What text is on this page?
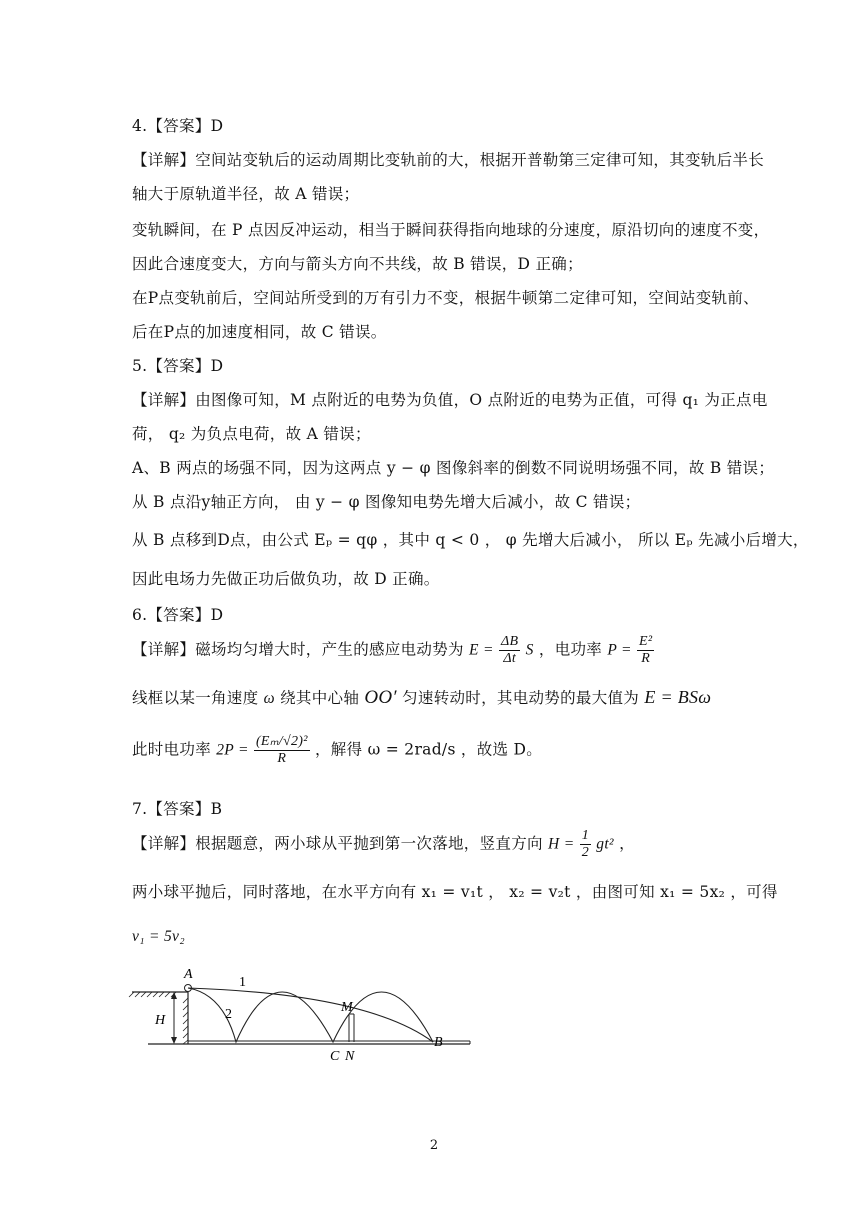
4.【答案】D
【详解】空间站变轨后的运动周期比变轨前的大，根据开普勒第三定律可知，其变轨后半长
轴大于原轨道半径，故 A 错误；
变轨瞬间，在 P 点因反冲运动，相当于瞬间获得指向地球的分速度，原沿切向的速度不变，
因此合速度变大，方向与箭头方向不共线，故 B 错误，D 正确；
在P点变轨前后，空间站所受到的万有引力不变，根据牛顿第二定律可知，空间站变轨前、
后在P点的加速度相同，故 C 错误。
5.【答案】D
【详解】由图像可知，M 点附近的电势为负值，O 点附近的电势为正值，可得 q₁ 为正点电
荷， q₂ 为负点电荷，故 A 错误；
A、B 两点的场强不同，因为这两点 y − φ 图像斜率的倒数不同说明场强不同，故 B 错误；
从 B 点沿y轴正方向， 由 y − φ 图像知电势先增大后减小，故 C 错误；
从 B 点移到D点，由公式 Eₚ = qφ ，其中 q < 0 ， φ 先增大后减小， 所以 Eₚ 先减小后增大，
因此电场力先做正功后做负功，故 D 正确。
6.【答案】D
【详解】磁场均匀增大时，产生的感应电动势为 $E = \frac{\Delta B}{\Delta t}$ S ，电功率 $P = \frac{\text{E²}}{R}$
线框以某一角速度 ω 绕其中心轴 OO′ 匀速转动时，其电动势的最大值为 E = BSω
此时电功率 $2P = \frac{\text{(Eₘ/√2)²}}{R}$ ，解得 ω = 2rad/s ，故选 D。
7.【答案】B
【详解】根据题意，两小球从平抛到第一次落地，竖直方向 $H = \frac{1}{2} gt^2$ ，
两小球平抛后，同时落地，在水平方向有 x₁ = v₁t ， x₂ = v₂t ，由图可知 x₁ = 5x₂ ，可得
v₁ = 5v₂
A
1
2
H
M
C N
B
2
